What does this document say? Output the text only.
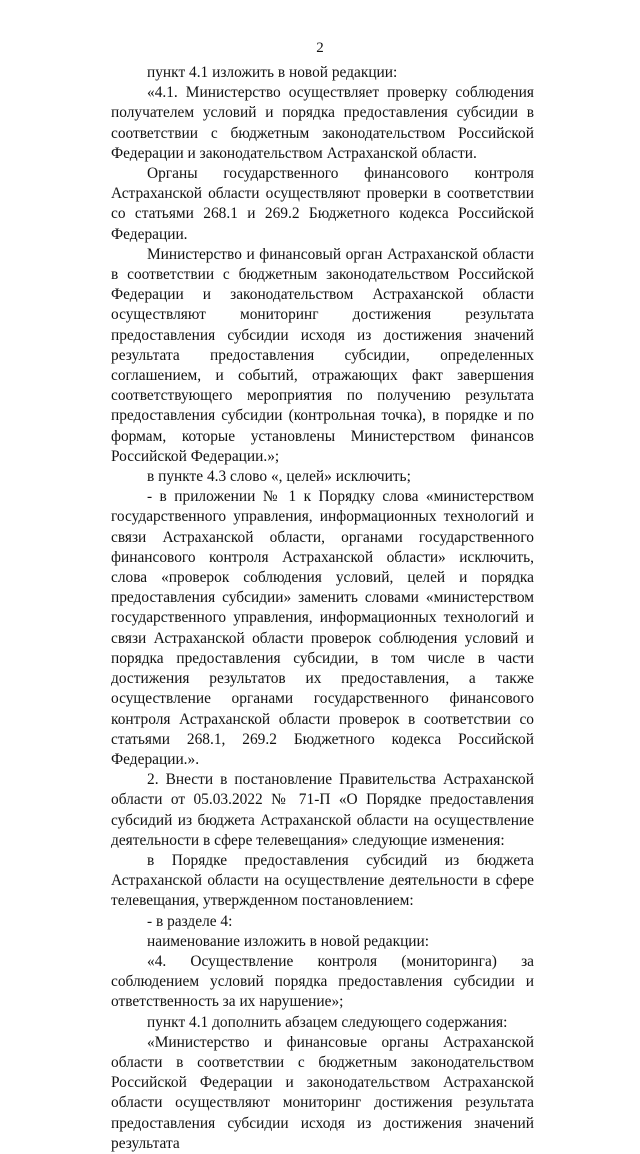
2

пункт 4.1 изложить в новой редакции:

«4.1. Министерство осуществляет проверку соблюдения получателем условий и порядка предоставления субсидии в соответствии с бюджетным законодательством Российской Федерации и законодательством Астраханской области.

Органы государственного финансового контроля Астраханской области осуществляют проверки в соответствии со статьями 268.1 и 269.2 Бюджетного кодекса Российской Федерации.

Министерство и финансовый орган Астраханской области в соответствии с бюджетным законодательством Российской Федерации и законодательством Астраханской области осуществляют мониторинг достижения результата предоставления субсидии исходя из достижения значений результата предоставления субсидии, определенных соглашением, и событий, отражающих факт завершения соответствующего мероприятия по получению результата предоставления субсидии (контрольная точка), в порядке и по формам, которые установлены Министерством финансов Российской Федерации.»;

в пункте 4.3 слово «, целей» исключить;

- в приложении № 1 к Порядку слова «министерством государственного управления, информационных технологий и связи Астраханской области, органами государственного финансового контроля Астраханской области» исключить, слова «проверок соблюдения условий, целей и порядка предоставления субсидии» заменить словами «министерством государственного управления, информационных технологий и связи Астраханской области проверок соблюдения условий и порядка предоставления субсидии, в том числе в части достижения результатов их предоставления, а также осуществление органами государственного финансового контроля Астраханской области проверок в соответствии со статьями 268.1, 269.2 Бюджетного кодекса Российской Федерации.».

2. Внести в постановление Правительства Астраханской области от 05.03.2022 № 71-П «О Порядке предоставления субсидий из бюджета Астраханской области на осуществление деятельности в сфере телевещания» следующие изменения:

в Порядке предоставления субсидий из бюджета Астраханской области на осуществление деятельности в сфере телевещания, утвержденном постановлением:

- в разделе 4:

наименование изложить в новой редакции:

«4. Осуществление контроля (мониторинга) за соблюдением условий порядка предоставления субсидии и ответственность за их нарушение»;

пункт 4.1 дополнить абзацем следующего содержания:

«Министерство и финансовые органы Астраханской области в соответствии с бюджетным законодательством Российской Федерации и законодательством Астраханской области осуществляют мониторинг достижения результата предоставления субсидии исходя из достижения значений результата
